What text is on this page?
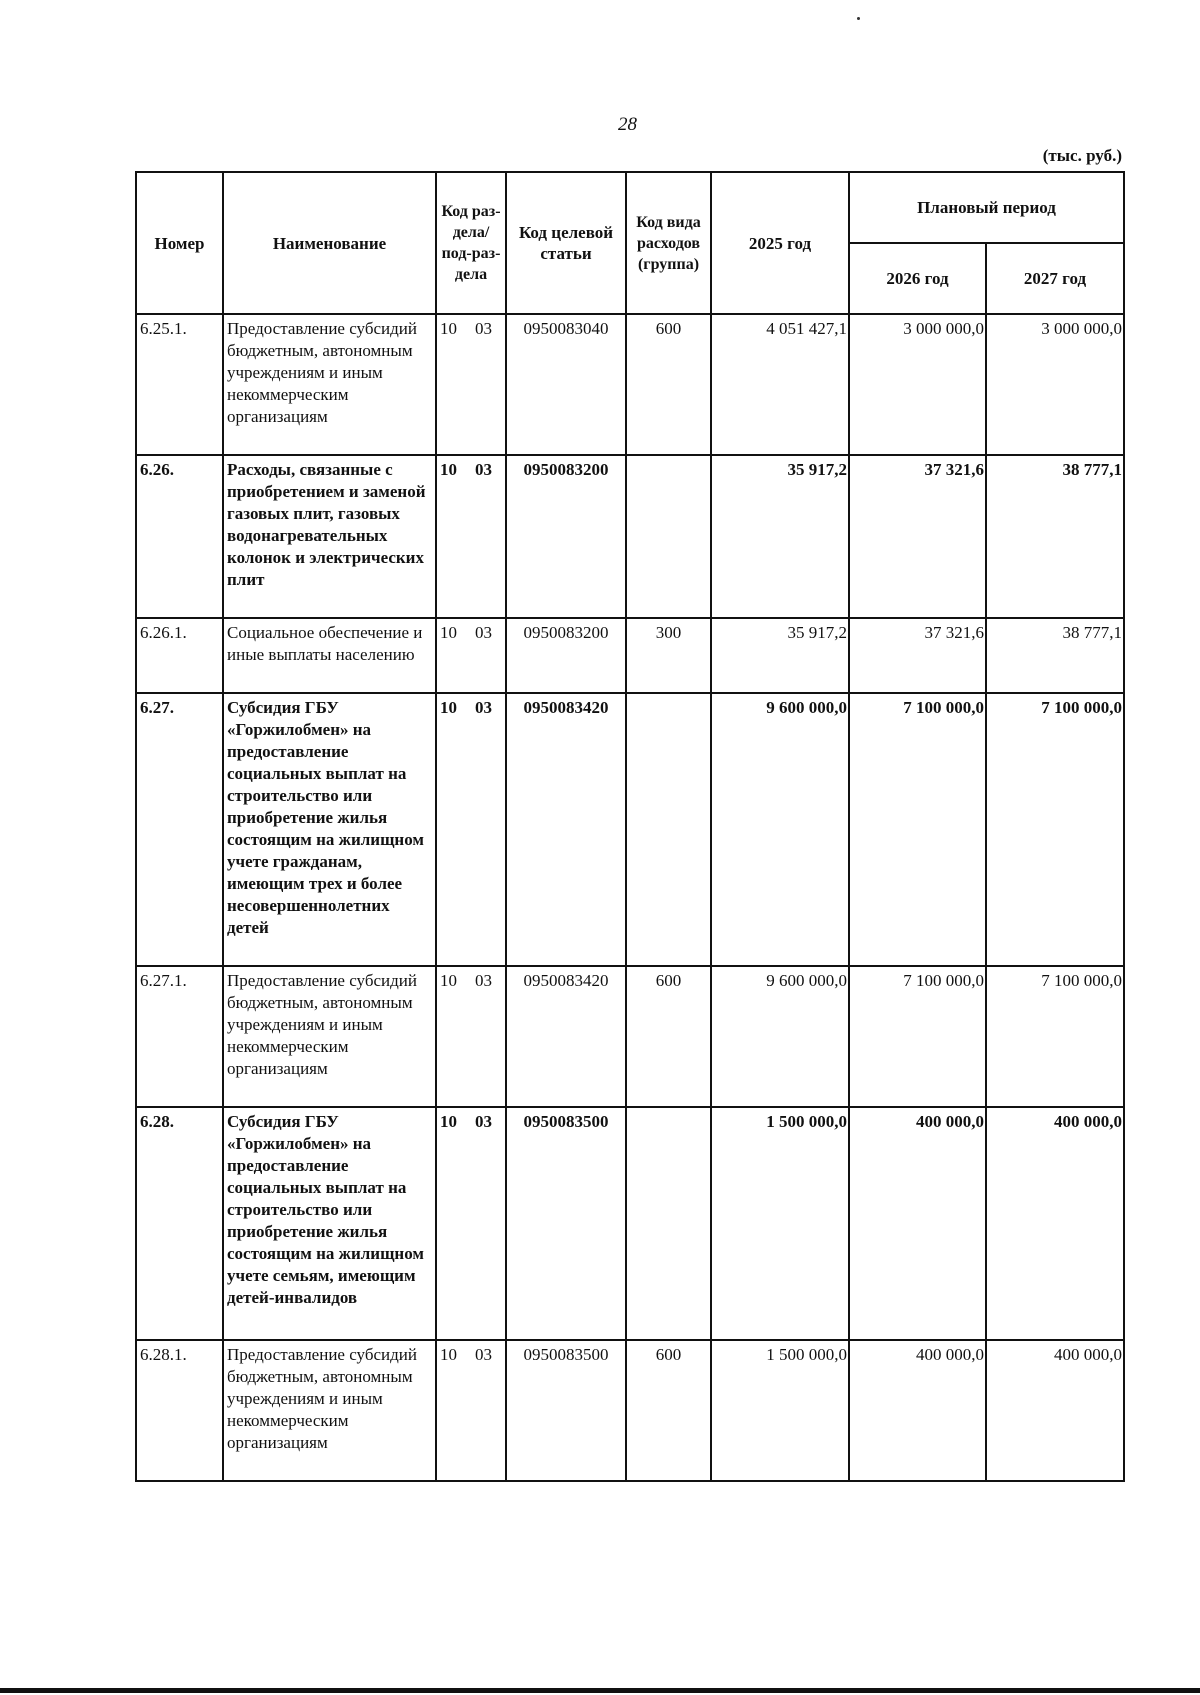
28
(тыс. руб.)
Номер	Наименование	Код раз-дела/ под-раз-дела	Код целевой статьи	Код вида расходов (группа)	2025 год	Плановый период	
						2026 год	2027 год
6.25.1.	Предоставление субсидий бюджетным, автономным учреждениям и иным некоммерческим организациям	10 03	0950083040	600	4 051 427,1	3 000 000,0	3 000 000,0
6.26.	Расходы, связанные с приобретением и заменой газовых плит, газовых водонагревательных колонок и электрических плит	10 03	0950083200		35 917,2	37 321,6	38 777,1
6.26.1.	Социальное обеспечение и иные выплаты населению	10 03	0950083200	300	35 917,2	37 321,6	38 777,1
6.27.	Субсидия ГБУ «Горжилобмен» на предоставление социальных выплат на строительство или приобретение жилья состоящим на жилищном учете гражданам, имеющим трех и более несовершеннолетних детей	10 03	0950083420		9 600 000,0	7 100 000,0	7 100 000,0
6.27.1.	Предоставление субсидий бюджетным, автономным учреждениям и иным некоммерческим организациям	10 03	0950083420	600	9 600 000,0	7 100 000,0	7 100 000,0
6.28.	Субсидия ГБУ «Горжилобмен» на предоставление социальных выплат на строительство или приобретение жилья состоящим на жилищном учете семьям, имеющим детей-инвалидов	10 03	0950083500		1 500 000,0	400 000,0	400 000,0
6.28.1.	Предоставление субсидий бюджетным, автономным учреждениям и иным некоммерческим организациям	10 03	0950083500	600	1 500 000,0	400 000,0	400 000,0
